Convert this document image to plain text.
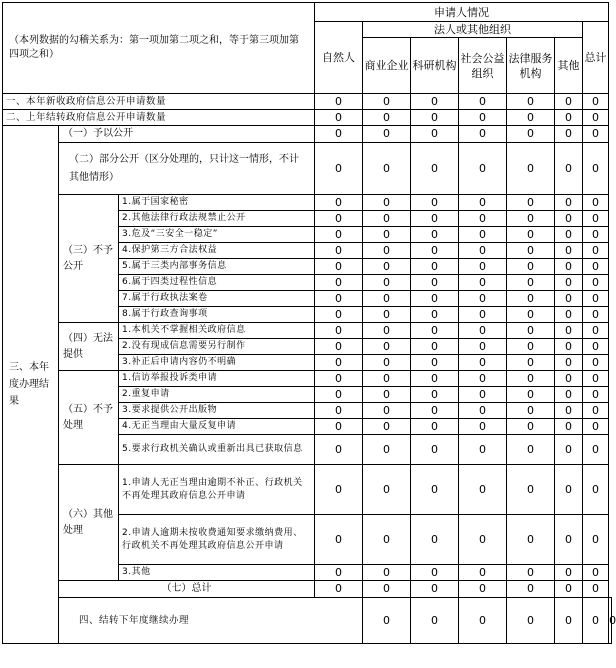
（本列数据的勾稽关系为：第一项加第二项之和，等于第三项加第四项之和）			申请人情况							
			自然人	法人或其他组织					总计	
				商业企业	科研机构	社会公益组织	法律服务机构	其他		
一、本年新收政府信息公开申请数量			0	0	0	0	0	0	0	
二、上年结转政府信息公开申请数量			0	0	0	0	0	0	0	
三、本年度办理结果	（一）予以公开		0	0	0	0	0	0	0	
	（二）部分公开（区分处理的，只计这一情形，不计其他情形）		0	0	0	0	0	0	0	
	（三）不予公开	1.属于国家秘密	0	0	0	0	0	0	0	
		2.其他法律行政法规禁止公开	0	0	0	0	0	0	0	
		3.危及“三安全一稳定”	0	0	0	0	0	0	0	
		4.保护第三方合法权益	0	0	0	0	0	0	0	
		5.属于三类内部事务信息	0	0	0	0	0	0	0	
		6.属于四类过程性信息	0	0	0	0	0	0	0	
		7.属于行政执法案卷	0	0	0	0	0	0	0	
		8.属于行政查询事项	0	0	0	0	0	0	0	
	（四）无法提供	1.本机关不掌握相关政府信息	0	0	0	0	0	0	0	
		2.没有现成信息需要另行制作	0	0	0	0	0	0	0	
		3.补正后申请内容仍不明确	0	0	0	0	0	0	0	
	（五）不予处理	1.信访举报投诉类申请	0	0	0	0	0	0	0	
		2.重复申请	0	0	0	0	0	0	0	
		3.要求提供公开出版物	0	0	0	0	0	0	0	
		4.无正当理由大量反复申请	0	0	0	0	0	0	0	
		5.要求行政机关确认或重新出具已获取信息	0	0	0	0	0	0	0	
	（六）其他处理	1.申请人无正当理由逾期不补正、行政机关不再处理其政府信息公开申请	0	0	0	0	0	0	0	
		2.申请人逾期未按收费通知要求缴纳费用、行政机关不再处理其政府信息公开申请	0	0	0	0	0	0	0	
		3.其他	0	0	0	0	0	0	0	
	（七）总计		0	0	0	0	0	0	0	
	四、结转下年度继续办理			0	0	0	0	0	0	0
